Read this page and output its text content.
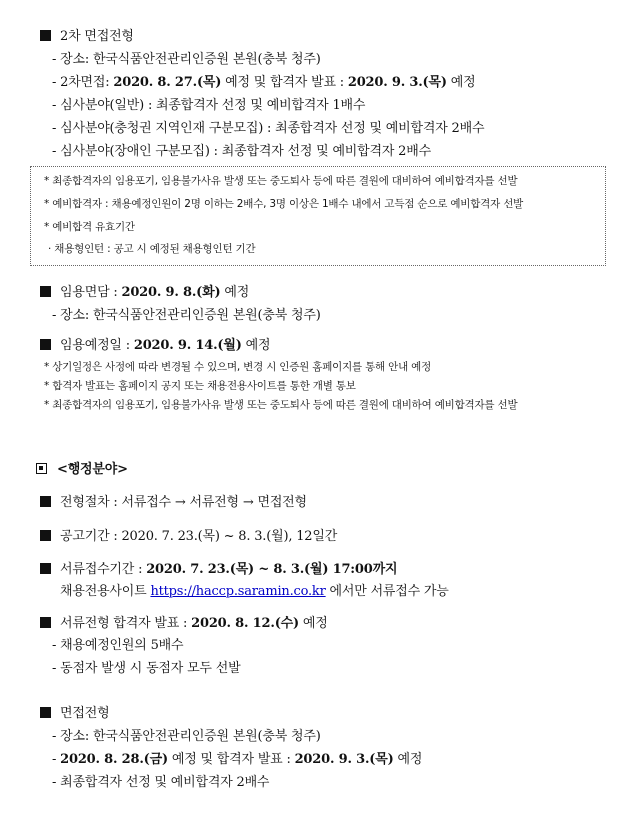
2차 면접전형
- 장소: 한국식품안전관리인증원 본원(충북 청주)
- 2차면접: 2020. 8. 27.(목) 예정 및 합격자 발표 : 2020. 9. 3.(목) 예정
- 심사분야(일반) : 최종합격자 선정 및 예비합격자 1배수
- 심사분야(충청권 지역인재 구분모집) : 최종합격자 선정 및 예비합격자 2배수
- 심사분야(장애인 구분모집) : 최종합격자 선정 및 예비합격자 2배수
* 최종합격자의 임용포기, 임용불가사유 발생 또는 중도퇴사 등에 따른 결원에 대비하여 예비합격자를 선발
* 예비합격자 : 채용예정인원이 2명 이하는 2배수, 3명 이상은 1배수 내에서 고득점 순으로 예비합격자 선발
* 예비합격 유효기간
· 채용형인턴 : 공고 시 예정된 채용형인턴 기간
임용면담 : 2020. 9. 8.(화) 예정
- 장소: 한국식품안전관리인증원 본원(충북 청주)
임용예정일 : 2020. 9. 14.(월) 예정
* 상기일정은 사정에 따라 변경될 수 있으며, 변경 시 인증원 홈페이지를 통해 안내 예정
* 합격자 발표는 홈페이지 공지 또는 채용전용사이트를 통한 개별 통보
* 최종합격자의 임용포기, 임용불가사유 발생 또는 중도퇴사 등에 따른 결원에 대비하여 예비합격자를 선발
<행정분야>
전형절차 : 서류접수 → 서류전형 → 면접전형
공고기간 : 2020. 7. 23.(목) ~ 8. 3.(월), 12일간
서류접수기간 : 2020. 7. 23.(목) ~ 8. 3.(월) 17:00까지
채용전용사이트 https://haccp.saramin.co.kr 에서만 서류접수 가능
서류전형 합격자 발표 : 2020. 8. 12.(수) 예정
- 채용예정인원의 5배수
- 동점자 발생 시 동점자 모두 선발
면접전형
- 장소: 한국식품안전관리인증원 본원(충북 청주)
- 2020. 8. 28.(금) 예정 및 합격자 발표 : 2020. 9. 3.(목) 예정
- 최종합격자 선정 및 예비합격자 2배수
